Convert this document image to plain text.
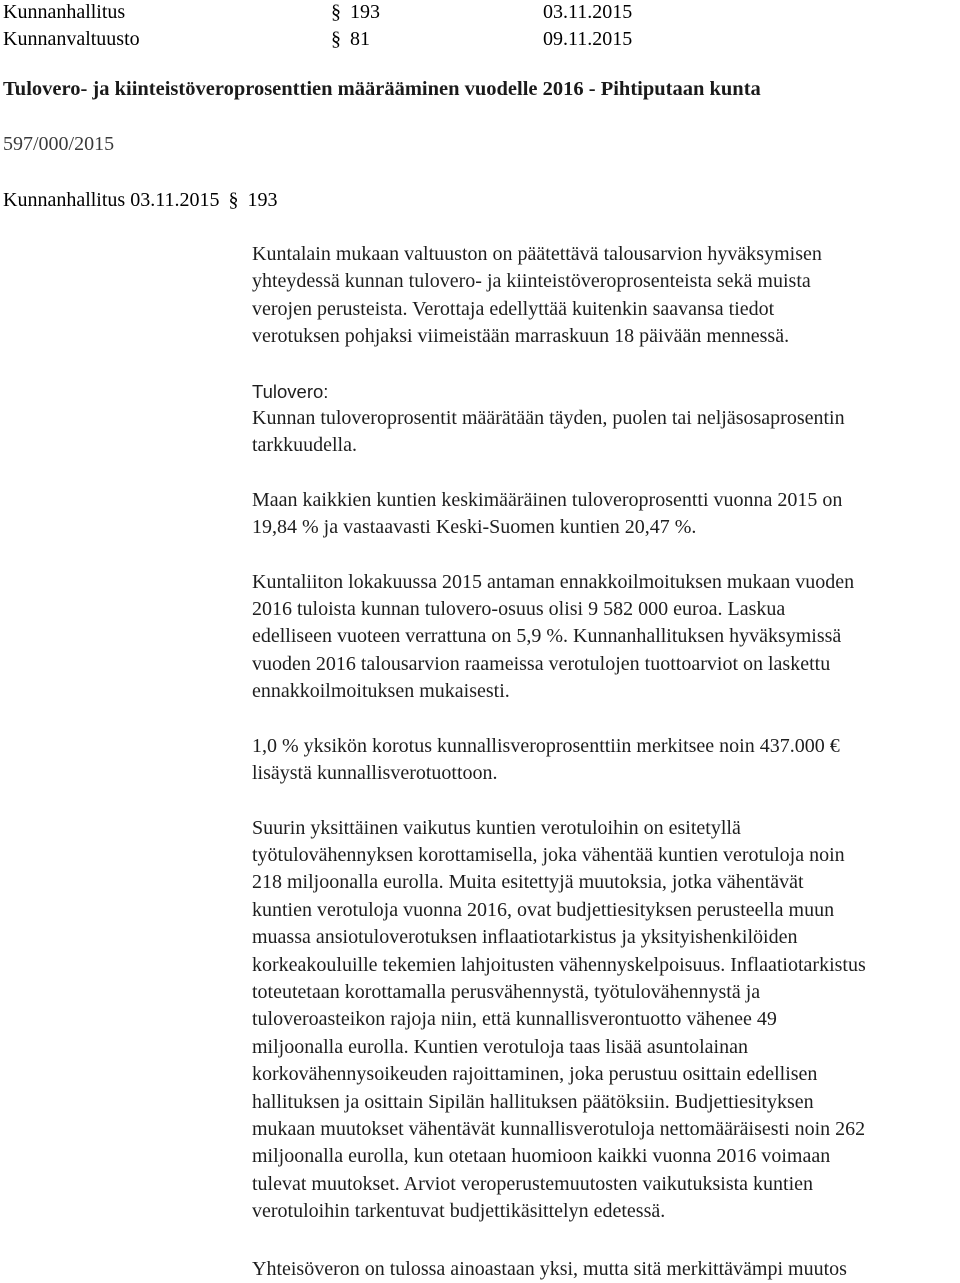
Kunnanhallitus	§ 193	03.11.2015
Kunnanvaltuusto	§ 81	09.11.2015
Tulovero- ja kiinteistöveroprosenttien määrääminen vuodelle 2016 - Pihtiputaan kunta
597/000/2015
Kunnanhallitus 03.11.2015 § 193

Kuntalain mukaan valtuuston on päätettävä talousarvion hyväksymisen
yhteydessä kunnan tulovero- ja kiinteistöveroprosenteista sekä muista
verojen perusteista. Verottaja edellyttää kuitenkin saavansa tiedot
verotuksen pohjaksi viimeistään marraskuun 18 päivään mennessä.

Tulovero:
Kunnan tuloveroprosentit määrätään täyden, puolen tai neljäsosaprosentin
tarkkuudella.

Maan kaikkien kuntien keskimääräinen tuloveroprosentti vuonna 2015 on
19,84 % ja vastaavasti Keski-Suomen kuntien 20,47 %.

Kuntaliiton lokakuussa 2015 antaman ennakkoilmoituksen mukaan vuoden
2016 tuloista kunnan tulovero-osuus olisi 9 582 000 euroa. Laskua
edelliseen vuoteen verrattuna on 5,9 %. Kunnanhallituksen hyväksymissä
vuoden 2016 talousarvion raameissa verotulojen tuottoarviot on laskettu
ennakkoilmoituksen mukaisesti.

1,0 % yksikön korotus kunnallisveroprosenttiin merkitsee noin 437.000 €
lisäystä kunnallisverotuottoon.

Suurin yksittäinen vaikutus kuntien verotuloihin on esitetyllä
työtulovähennyksen korottamisella, joka vähentää kuntien verotuloja noin
218 miljoonalla eurolla. Muita esitettyjä muutoksia, jotka vähentävät
kuntien verotuloja vuonna 2016, ovat budjettiesityksen perusteella muun
muassa ansiotuloverotuksen inflaatiotarkistus ja yksityishenkilöiden
korkeakouluille tekemien lahjoitusten vähennyskelpoisuus. Inflaatiotarkistus
toteutetaan korottamalla perusvähennystä, työtulovähennystä ja
tuloveroasteikon rajoja niin, että kunnallisverontuotto vähenee 49
miljoonalla eurolla. Kuntien verotuloja taas lisää asuntolainan
korkovähennysoikeuden rajoittaminen, joka perustuu osittain edellisen
hallituksen ja osittain Sipilän hallituksen päätöksiin. Budjettiesityksen
mukaan muutokset vähentävät kunnallisverotuloja nettomääräisesti noin 262
miljoonalla eurolla, kun otetaan huomioon kaikki vuonna 2016 voimaan
tulevat muutokset. Arviot veroperustemuutosten vaikutuksista kuntien
verotuloihin tarkentuvat budjettikäsittelyn edetessä.

Yhteisöveron on tulossa ainoastaan yksi, mutta sitä merkittävämpi muutos
